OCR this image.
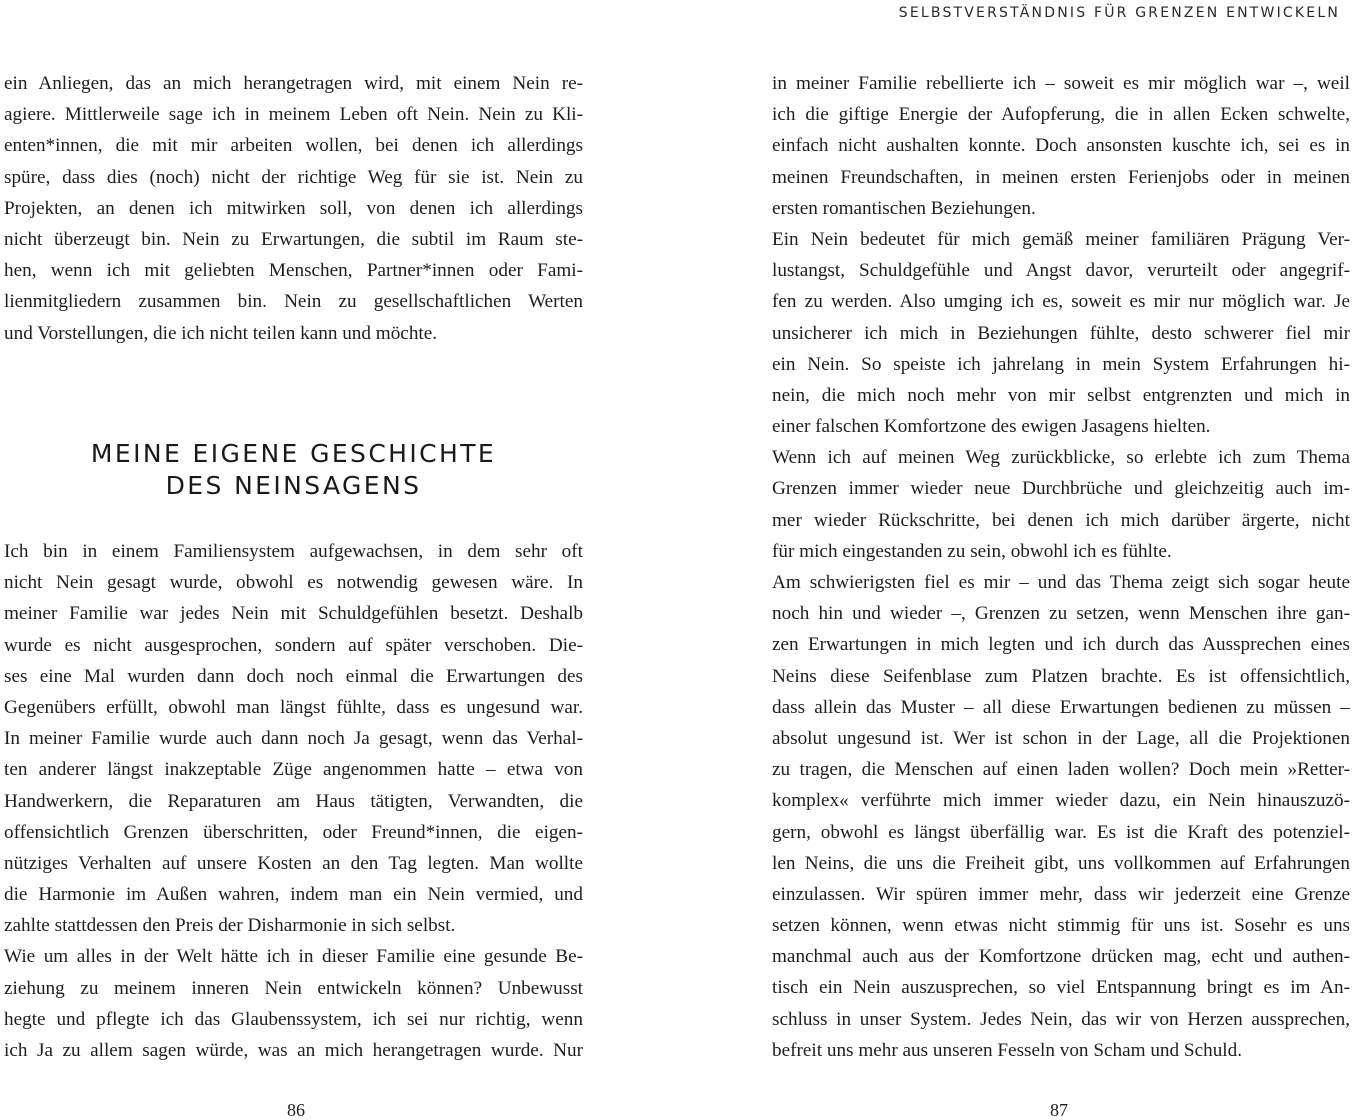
ein Anliegen, das an mich herangetragen wird, mit einem Nein re-
agiere. Mittlerweile sage ich in meinem Leben oft Nein. Nein zu Kli-
enten*innen, die mit mir arbeiten wollen, bei denen ich allerdings
spüre, dass dies (noch) nicht der richtige Weg für sie ist. Nein zu
Projekten, an denen ich mitwirken soll, von denen ich allerdings
nicht überzeugt bin. Nein zu Erwartungen, die subtil im Raum ste-
hen, wenn ich mit geliebten Menschen, Partner*innen oder Fami-
lienmitgliedern zusammen bin. Nein zu gesellschaftlichen Werten
und Vorstellungen, die ich nicht teilen kann und möchte.
MEINE EIGENE GESCHICHTE
DES NEINSAGENS
Ich bin in einem Familiensystem aufgewachsen, in dem sehr oft
nicht Nein gesagt wurde, obwohl es notwendig gewesen wäre. In
meiner Familie war jedes Nein mit Schuldgefühlen besetzt. Deshalb
wurde es nicht ausgesprochen, sondern auf später verschoben. Die-
ses eine Mal wurden dann doch noch einmal die Erwartungen des
Gegenübers erfüllt, obwohl man längst fühlte, dass es ungesund war.
In meiner Familie wurde auch dann noch Ja gesagt, wenn das Verhal-
ten anderer längst inakzeptable Züge angenommen hatte – etwa von
Handwerkern, die Reparaturen am Haus tätigten, Verwandten, die
offensichtlich Grenzen überschritten, oder Freund*innen, die eigen-
nütziges Verhalten auf unsere Kosten an den Tag legten. Man wollte
die Harmonie im Außen wahren, indem man ein Nein vermied, und
zahlte stattdessen den Preis der Disharmonie in sich selbst.
Wie um alles in der Welt hätte ich in dieser Familie eine gesunde Be-
ziehung zu meinem inneren Nein entwickeln können? Unbewusst
hegte und pflegte ich das Glaubenssystem, ich sei nur richtig, wenn
ich Ja zu allem sagen würde, was an mich herangetragen wurde. Nur
86
SELBSTVERSTÄNDNIS FÜR GRENZEN ENTWICKELN
in meiner Familie rebellierte ich – soweit es mir möglich war –, weil
ich die giftige Energie der Aufopferung, die in allen Ecken schwelte,
einfach nicht aushalten konnte. Doch ansonsten kuschte ich, sei es in
meinen Freundschaften, in meinen ersten Ferienjobs oder in meinen
ersten romantischen Beziehungen.
Ein Nein bedeutet für mich gemäß meiner familiären Prägung Ver-
lustangst, Schuldgefühle und Angst davor, verurteilt oder angegrif-
fen zu werden. Also umging ich es, soweit es mir nur möglich war. Je
unsicherer ich mich in Beziehungen fühlte, desto schwerer fiel mir
ein Nein. So speiste ich jahrelang in mein System Erfahrungen hi-
nein, die mich noch mehr von mir selbst entgrenzten und mich in
einer falschen Komfortzone des ewigen Jasagens hielten.
Wenn ich auf meinen Weg zurückblicke, so erlebte ich zum Thema
Grenzen immer wieder neue Durchbrüche und gleichzeitig auch im-
mer wieder Rückschritte, bei denen ich mich darüber ärgerte, nicht
für mich eingestanden zu sein, obwohl ich es fühlte.
Am schwierigsten fiel es mir – und das Thema zeigt sich sogar heute
noch hin und wieder –, Grenzen zu setzen, wenn Menschen ihre gan-
zen Erwartungen in mich legten und ich durch das Aussprechen eines
Neins diese Seifenblase zum Platzen brachte. Es ist offensichtlich,
dass allein das Muster – all diese Erwartungen bedienen zu müssen –
absolut ungesund ist. Wer ist schon in der Lage, all die Projektionen
zu tragen, die Menschen auf einen laden wollen? Doch mein »Retter-
komplex« verführte mich immer wieder dazu, ein Nein hinauszuzö-
gern, obwohl es längst überfällig war. Es ist die Kraft des potenziel-
len Neins, die uns die Freiheit gibt, uns vollkommen auf Erfahrungen
einzulassen. Wir spüren immer mehr, dass wir jederzeit eine Grenze
setzen können, wenn etwas nicht stimmig für uns ist. Sosehr es uns
manchmal auch aus der Komfortzone drücken mag, echt und authen-
tisch ein Nein auszusprechen, so viel Entspannung bringt es im An-
schluss in unser System. Jedes Nein, das wir von Herzen aussprechen,
befreit uns mehr aus unseren Fesseln von Scham und Schuld.
87
